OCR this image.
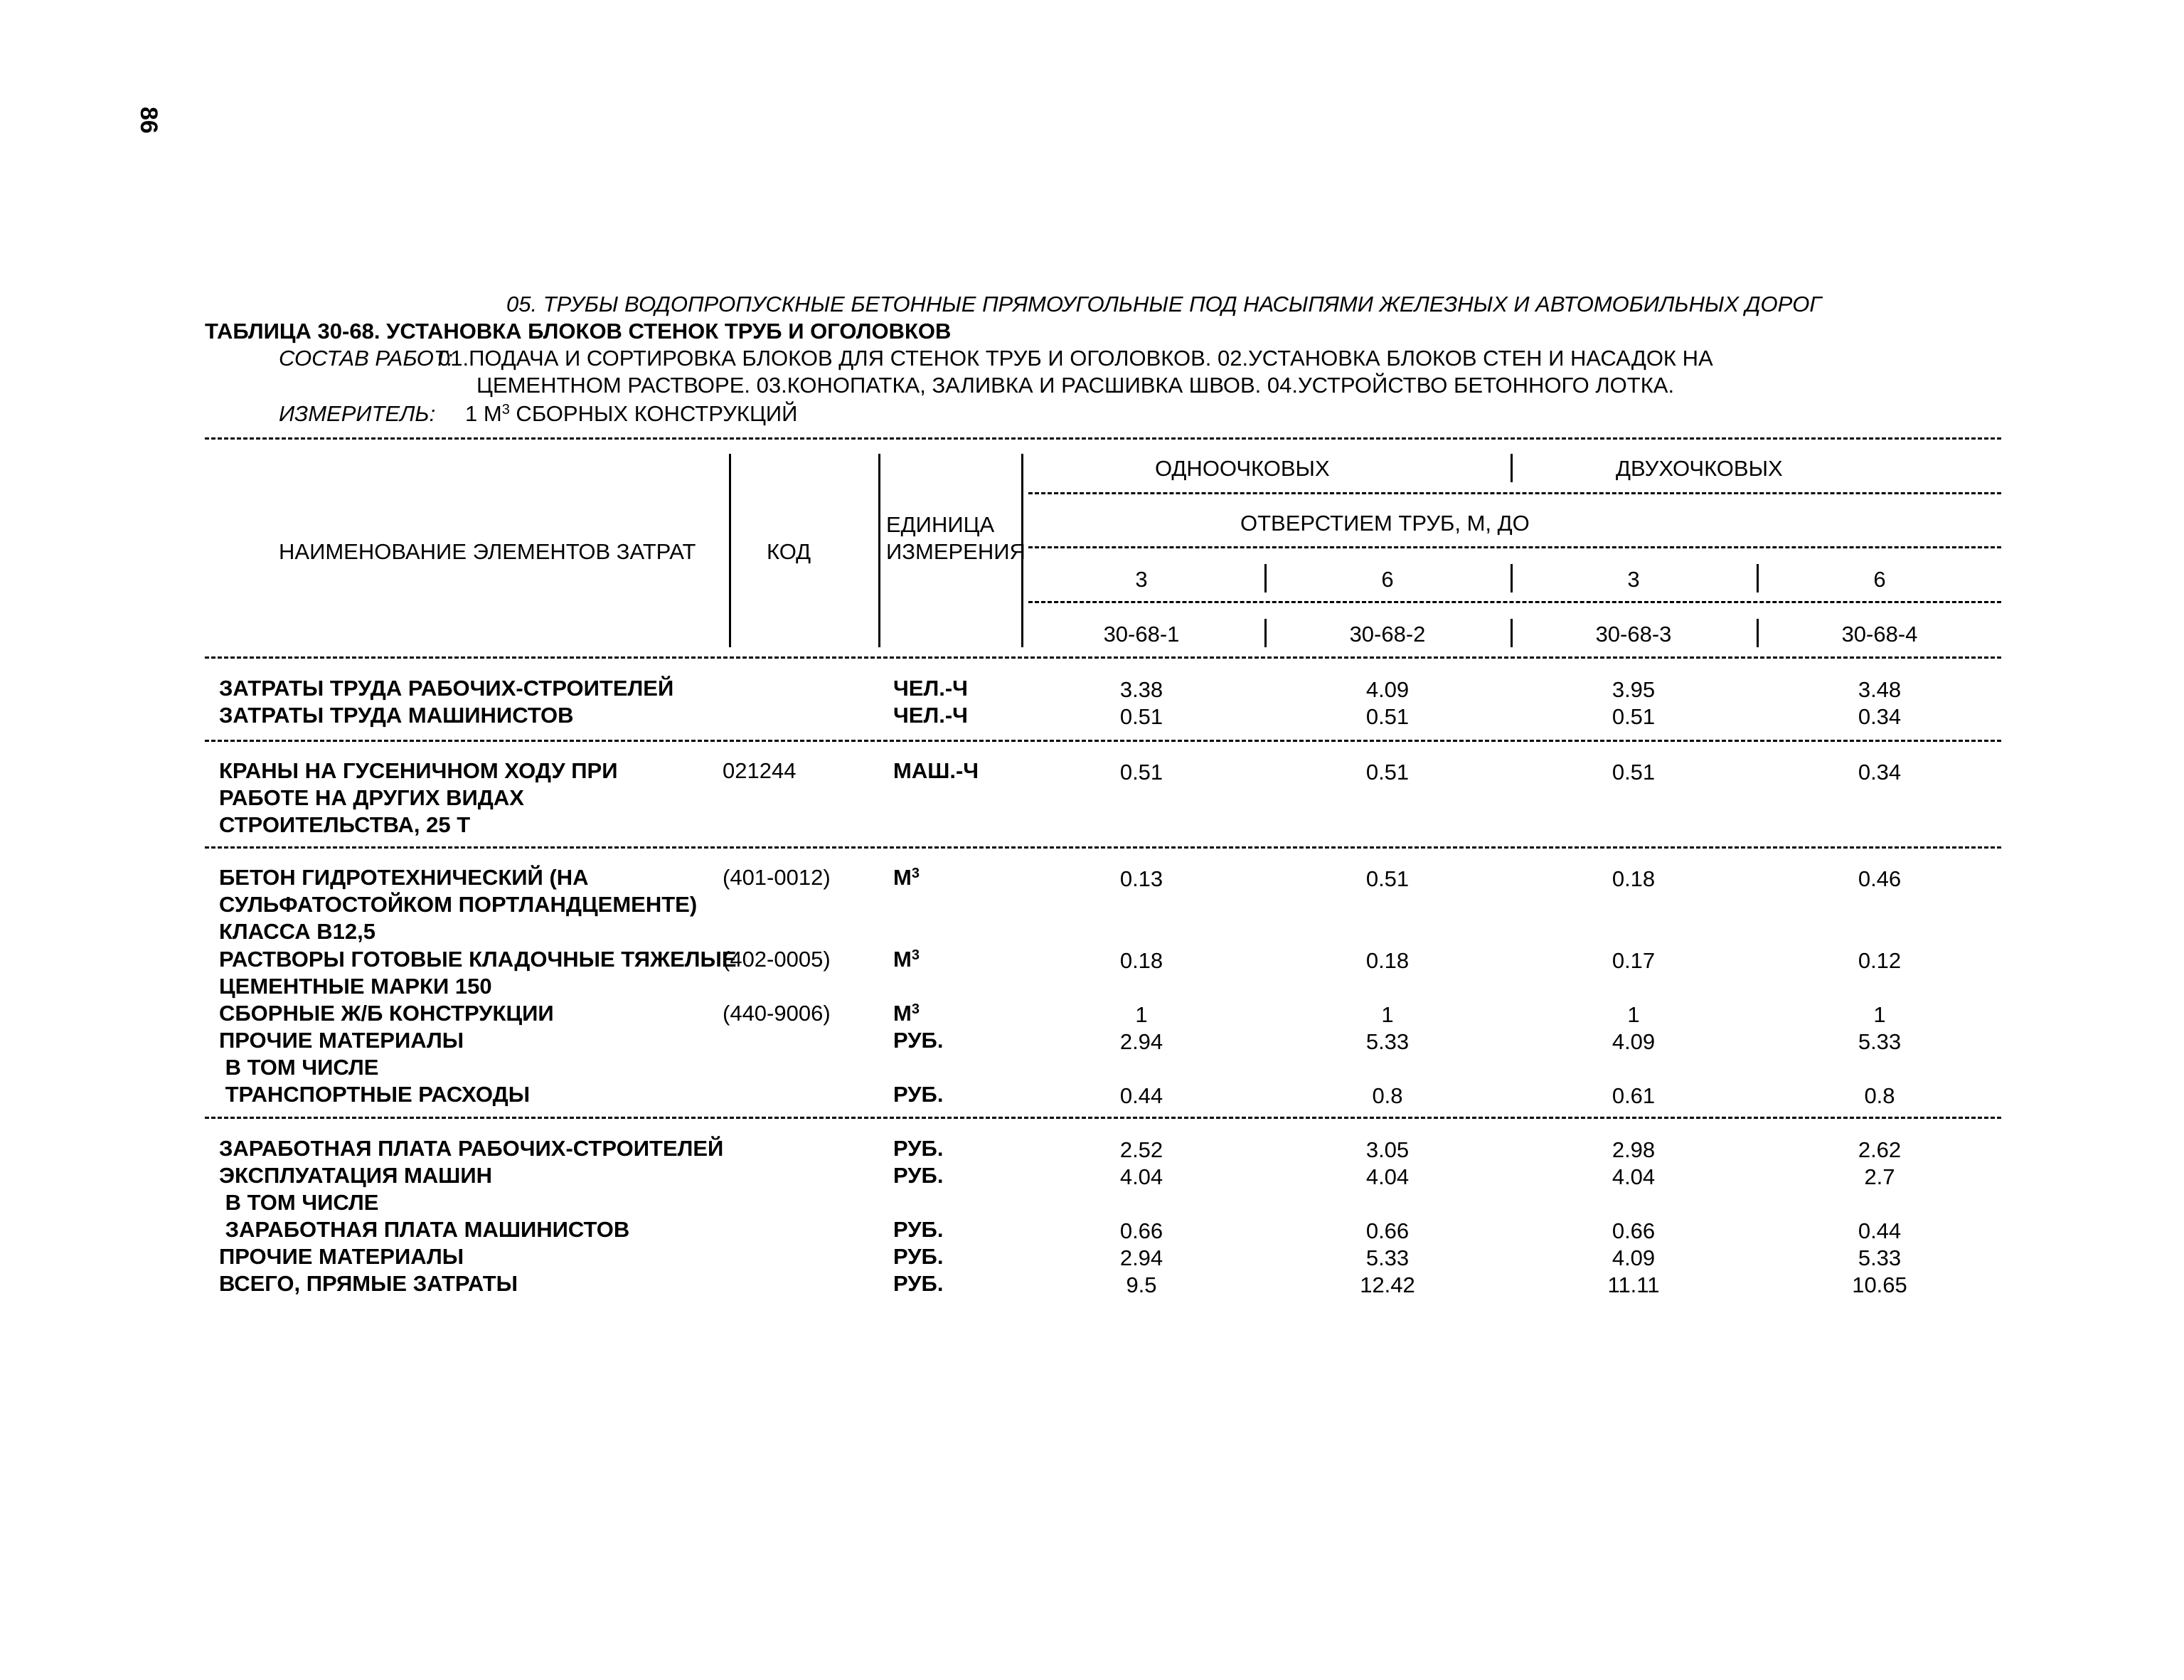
86
05. ТРУБЫ ВОДОПРОПУСКНЫЕ БЕТОННЫЕ ПРЯМОУГОЛЬНЫЕ ПОД НАСЫПЯМИ ЖЕЛЕЗНЫХ И АВТОМОБИЛЬНЫХ ДОРОГ
ТАБЛИЦА 30-68. УСТАНОВКА БЛОКОВ СТЕНОК ТРУБ И ОГОЛОВКОВ
СОСТАВ РАБОТ:
01.ПОДАЧА И СОРТИРОВКА БЛОКОВ ДЛЯ СТЕНОК ТРУБ И ОГОЛОВКОВ. 02.УСТАНОВКА БЛОКОВ СТЕН И НАСАДОК НА
ЦЕМЕНТНОМ РАСТВОРЕ. 03.КОНОПАТКА, ЗАЛИВКА И РАСШИВКА ШВОВ. 04.УСТРОЙСТВО БЕТОННОГО ЛОТКА.
ИЗМЕРИТЕЛЬ: 1 $М^3$ СБОРНЫХ КОНСТРУКЦИЙ
НАИМЕНОВАНИЕ ЭЛЕМЕНТОВ ЗАТРАТ	КОД
ЕДИНИЦА
ИЗМЕРЕНИЯ
ОДНООЧКОВЫХ	ДВУХОЧКОВЫХ
ОТВЕРСТИЕМ ТРУБ, М, ДО
3	6	3	6
30-68-1	30-68-2	30-68-3	30-68-4
ЗАТРАТЫ ТРУДА РАБОЧИХ-СТРОИТЕЛЕЙ	ЧЕЛ.-Ч	3.38	4.09	3.95	3.48
ЗАТРАТЫ ТРУДА МАШИНИСТОВ	ЧЕЛ.-Ч	0.51	0.51	0.51	0.34
КРАНЫ НА ГУСЕНИЧНОМ ХОДУ ПРИ
РАБОТЕ НА ДРУГИХ ВИДАХ
СТРОИТЕЛЬСТВА, 25 Т
021244	МАШ.-Ч	0.51	0.51	0.51	0.34
БЕТОН ГИДРОТЕХНИЧЕСКИЙ (НА
СУЛЬФАТОСТОЙКОМ ПОРТЛАНДЦЕМЕНТЕ)
КЛАССА В12,5
(401-0012)	$М^3$	0.13	0.51	0.18	0.46
РАСТВОРЫ ГОТОВЫЕ КЛАДОЧНЫЕ ТЯЖЕЛЫЕ
ЦЕМЕНТНЫЕ МАРКИ 150
(402-0005)	$М^3$	0.18	0.18	0.17	0.12
СБОРНЫЕ Ж/Б КОНСТРУКЦИИ	(440-9006)	$М^3$	1	1	1	1
ПРОЧИЕ МАТЕРИАЛЫ	РУБ.	2.94	5.33	4.09	5.33
В ТОМ ЧИСЛЕ
ТРАНСПОРТНЫЕ РАСХОДЫ	РУБ.	0.44	0.8	0.61	0.8
ЗАРАБОТНАЯ ПЛАТА РАБОЧИХ-СТРОИТЕЛЕЙ	РУБ.	2.52	3.05	2.98	2.62
ЭКСПЛУАТАЦИЯ МАШИН	РУБ.	4.04	4.04	4.04	2.7
В ТОМ ЧИСЛЕ
ЗАРАБОТНАЯ ПЛАТА МАШИНИСТОВ	РУБ.	0.66	0.66	0.66	0.44
ПРОЧИЕ МАТЕРИАЛЫ	РУБ.	2.94	5.33	4.09	5.33
ВСЕГО, ПРЯМЫЕ ЗАТРАТЫ	РУБ.	9.5	12.42	11.11	10.65
